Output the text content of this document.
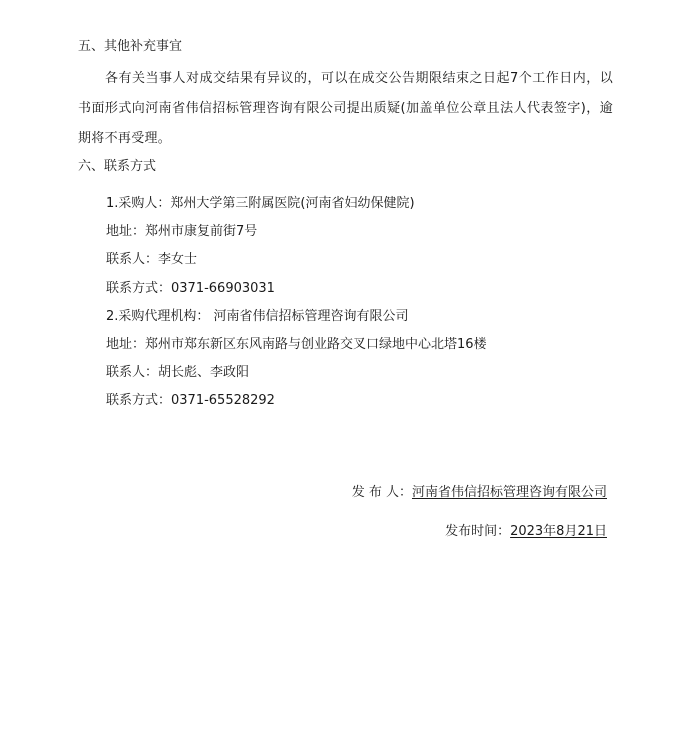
五、其他补充事宜
各有关当事人对成交结果有异议的，可以在成交公告期限结束之日起7个工作日内，以书面形式向河南省伟信招标管理咨询有限公司提出质疑(加盖单位公章且法人代表签字)，逾期将不再受理。
六、联系方式
1.采购人：郑州大学第三附属医院(河南省妇幼保健院)
地址：郑州市康复前街7号
联系人：李女士
联系方式：0371-66903031
2.采购代理机构： 河南省伟信招标管理咨询有限公司
地址：郑州市郑东新区东风南路与创业路交叉口绿地中心北塔16楼
联系人：胡长彪、李政阳
联系方式：0371-65528292
发 布 人：河南省伟信招标管理咨询有限公司
发布时间：2023年8月21日
